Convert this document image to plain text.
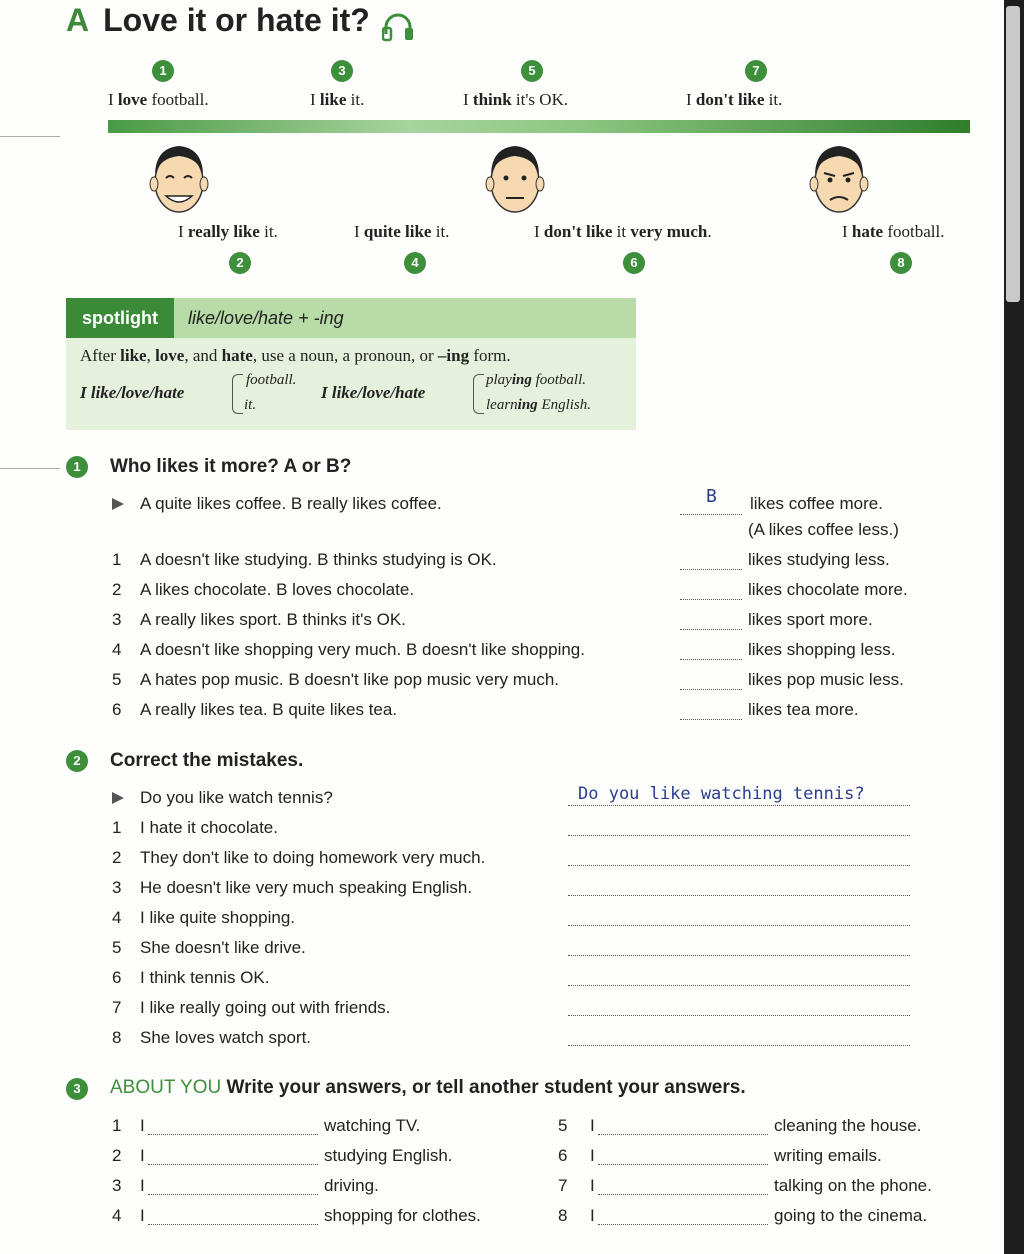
A Love it or hate it?
1
I love football.
3
I like it.
5
I think it's OK.
7
I don't like it.
I really like it.
2
I quite like it.
4
I don't like it very much.
6
I hate football.
8
spotlight	like/love/hate + -ing
After like, love, and hate, use a noun, a pronoun, or –ing form.
I like/love/hate
football.
it.
I like/love/hate
playing football.
learning English.
1	Who likes it more? A or B?
A quite likes coffee. B really likes coffee.	B likes coffee more.
(A likes coffee less.)
1 A doesn't like studying. B thinks studying is OK.	likes studying less.
2 A likes chocolate. B loves chocolate.	likes chocolate more.
3 A really likes sport. B thinks it's OK.	likes sport more.
4 A doesn't like shopping very much. B doesn't like shopping.	likes shopping less.
5 A hates pop music. B doesn't like pop music very much.	likes pop music less.
6 A really likes tea. B quite likes tea.	likes tea more.
2	Correct the mistakes.
Do you like watch tennis?	Do you like watching tennis?
1 I hate it chocolate.
2 They don't like to doing homework very much.
3 He doesn't like very much speaking English.
4 I like quite shopping.
5 She doesn't like drive.
6 I think tennis OK.
7 I like really going out with friends.
8 She loves watch sport.
3	ABOUT YOU Write your answers, or tell another student your answers.
1 I	watching TV.
2 I	studying English.
3 I	driving.
4 I	shopping for clothes.
5 I	cleaning the house.
6 I	writing emails.
7 I	talking on the phone.
8 I	going to the cinema.
